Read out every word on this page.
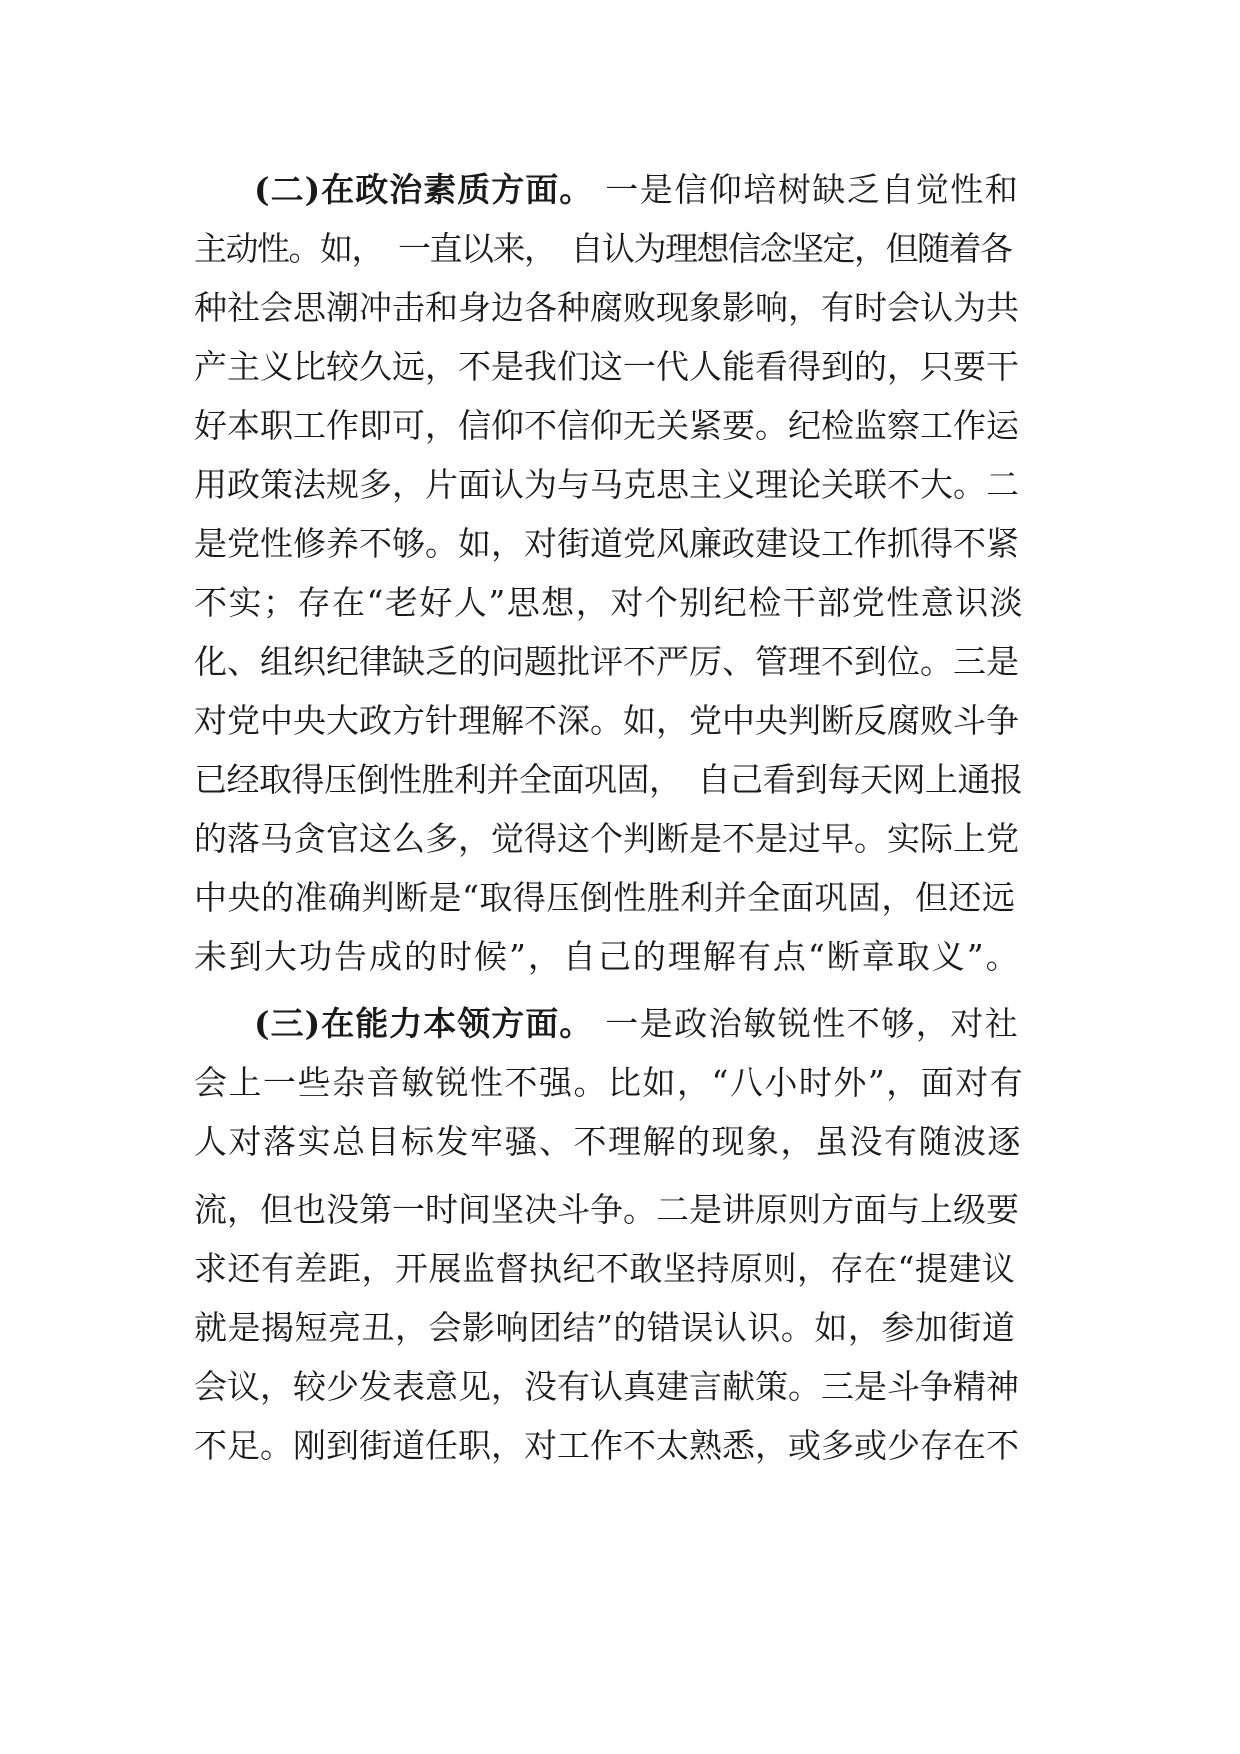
(二)在政治素质方面。 一是信仰培树缺乏自觉性和
主动性。如，　一直以来，　自认为理想信念坚定，但随着各
种社会思潮冲击和身边各种腐败现象影响，有时会认为共
产主义比较久远，不是我们这一代人能看得到的，只要干
好本职工作即可，信仰不信仰无关紧要。纪检监察工作运
用政策法规多，片面认为与马克思主义理论关联不大。二
是党性修养不够。如，对街道党风廉政建设工作抓得不紧
不实；存在“老好人”思想，对个别纪检干部党性意识淡
化、组织纪律缺乏的问题批评不严厉、管理不到位。三是
对党中央大政方针理解不深。如，党中央判断反腐败斗争
已经取得压倒性胜利并全面巩固，　自己看到每天网上通报
的落马贪官这么多，觉得这个判断是不是过早。实际上党
中央的准确判断是“取得压倒性胜利并全面巩固，但还远
未到大功告成的时候”，自己的理解有点“断章取义”。
(三)在能力本领方面。 一是政治敏锐性不够，对社
会上一些杂音敏锐性不强。比如，“八小时外”，面对有
人对落实总目标发牢骚、不理解的现象，虽没有随波逐
流，但也没第一时间坚决斗争。二是讲原则方面与上级要
求还有差距，开展监督执纪不敢坚持原则，存在“提建议
就是揭短亮丑，会影响团结”的错误认识。如，参加街道
会议，较少发表意见，没有认真建言献策。三是斗争精神
不足。刚到街道任职，对工作不太熟悉，或多或少存在不
